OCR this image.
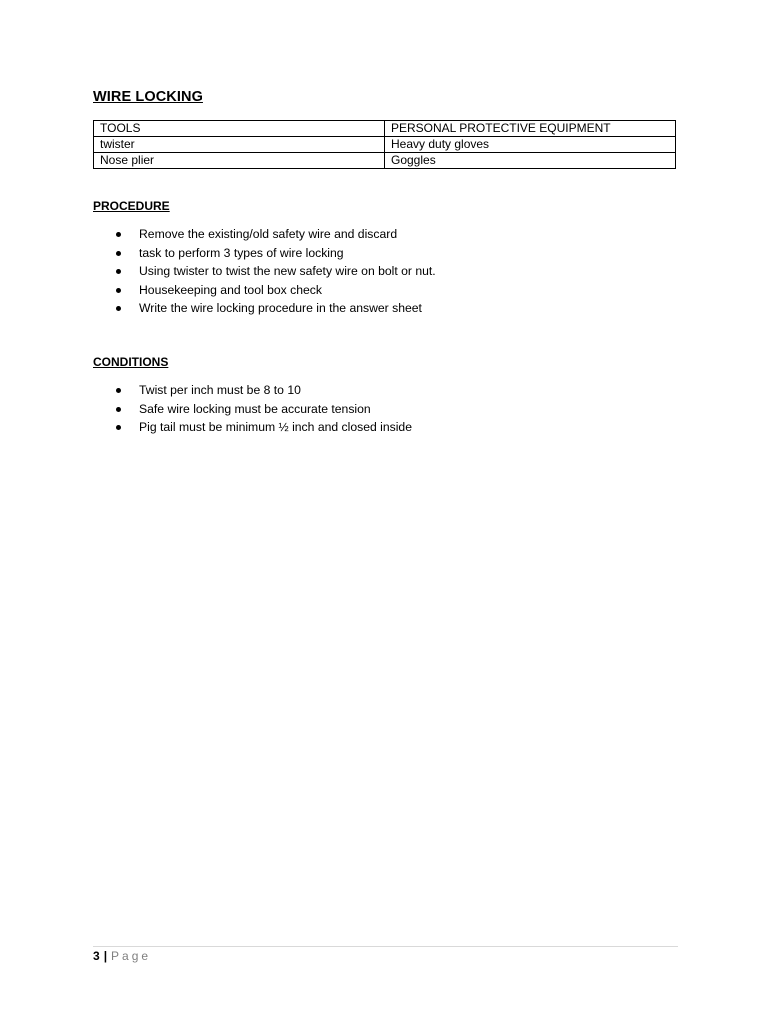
WIRE LOCKING
TOOLS	PERSONAL PROTECTIVE EQUIPMENT
twister	Heavy duty gloves
Nose plier	Goggles
PROCEDURE
Remove the existing/old safety wire and discard
task to perform 3 types of wire locking
Using twister to twist the new safety wire on bolt or nut.
Housekeeping and tool box check
Write the wire locking procedure in the answer sheet
CONDITIONS
Twist per inch must be 8 to 10
Safe wire locking must be accurate tension
Pig tail must be minimum ½ inch and closed inside
3 | Page
